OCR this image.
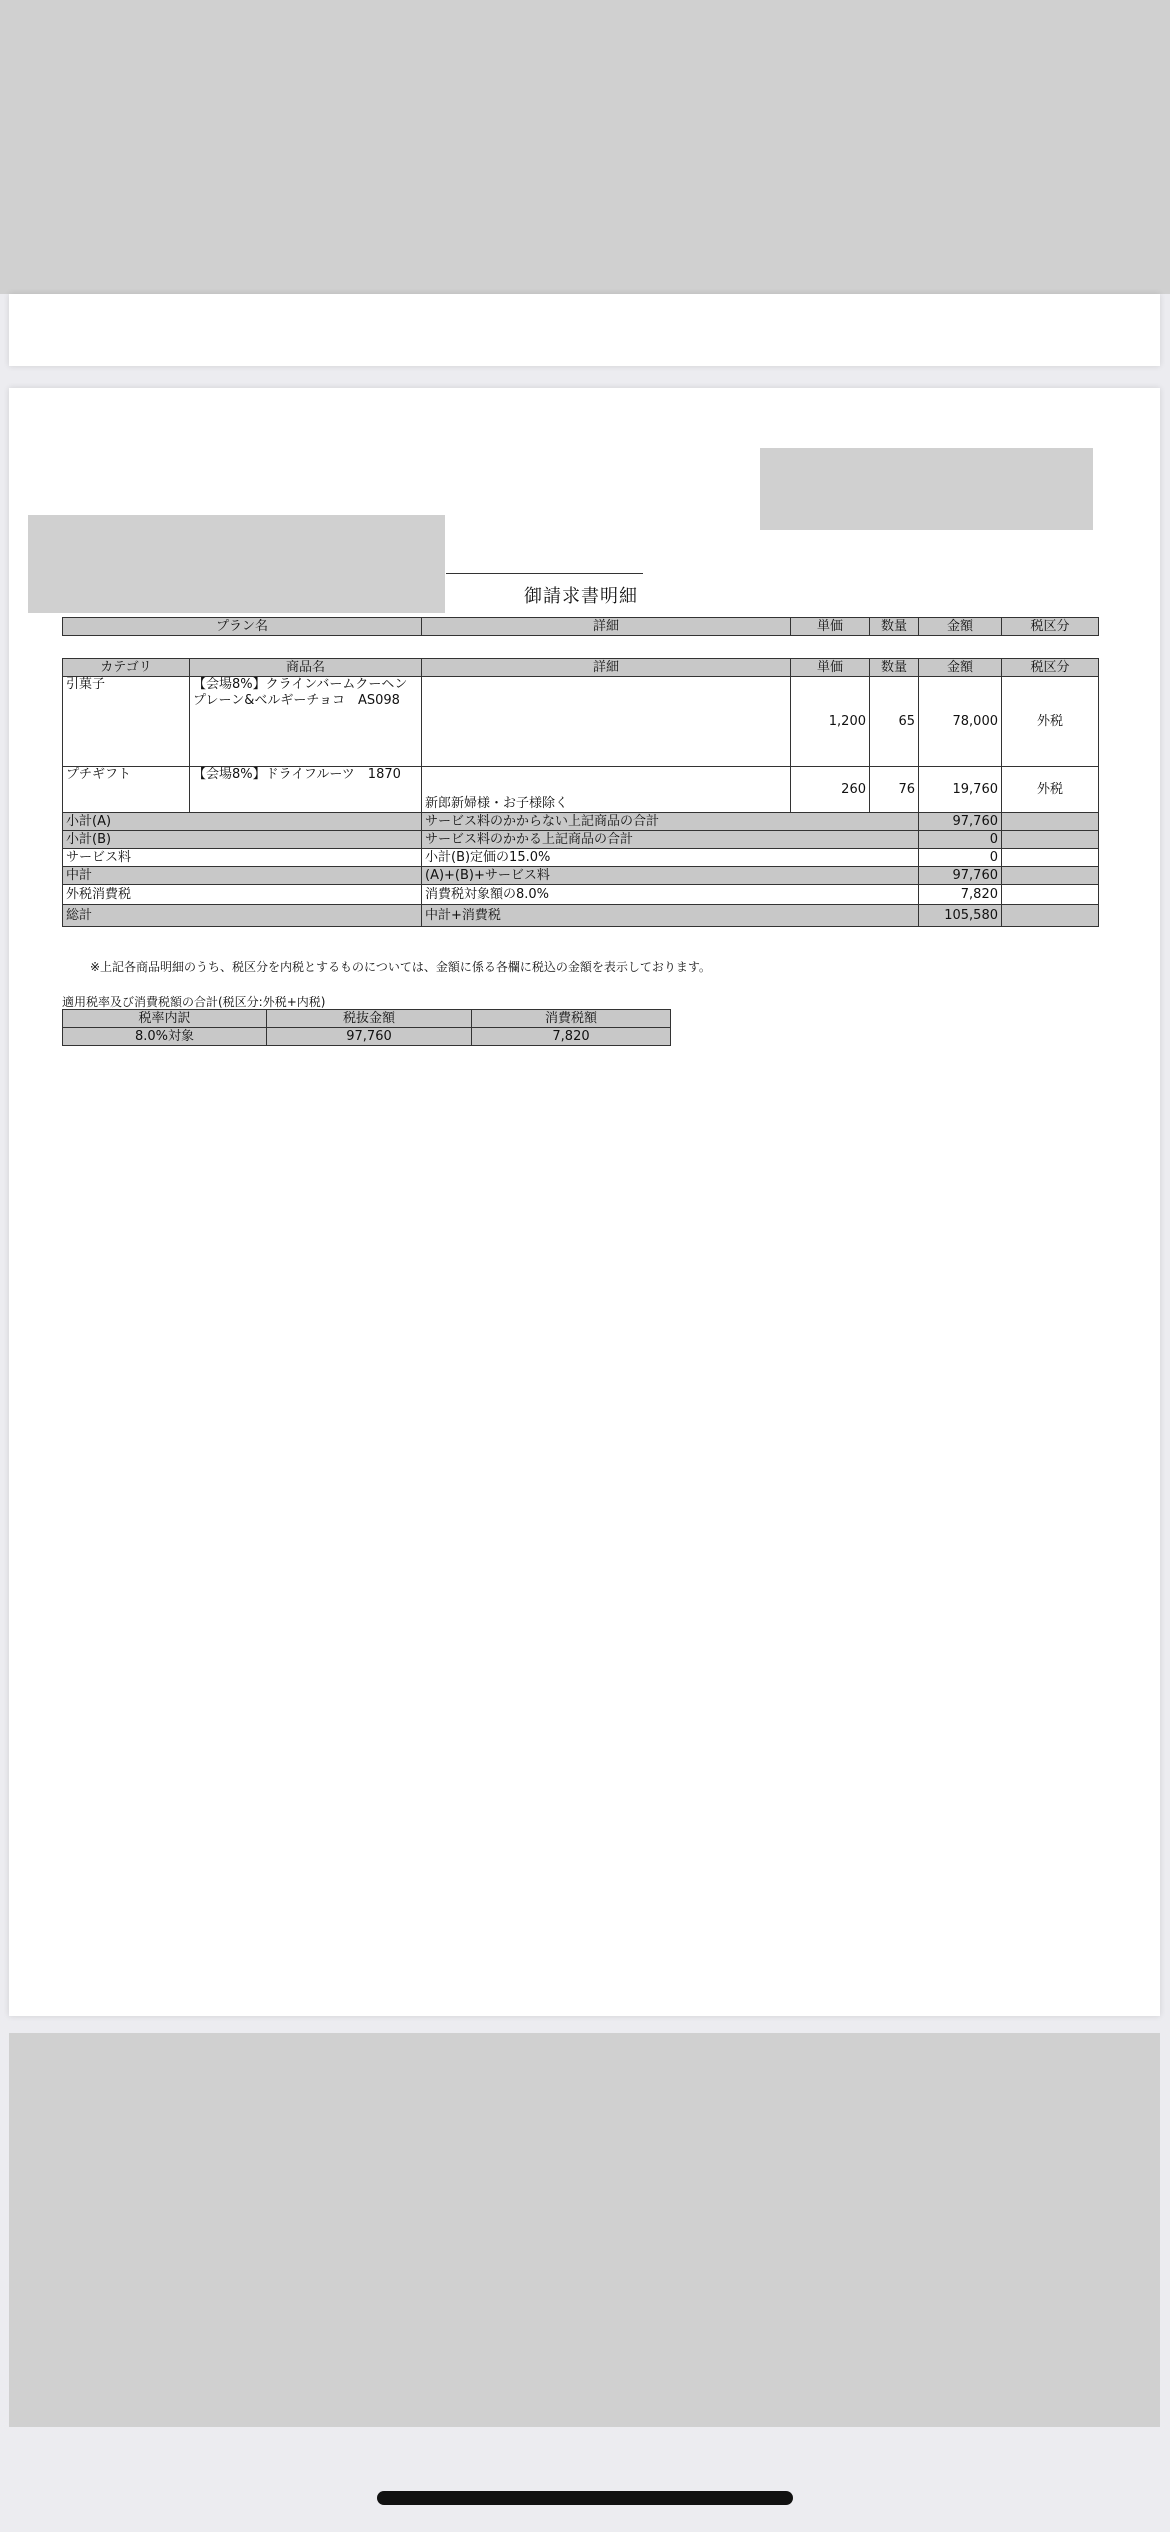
御請求書明細
プラン名	詳細	単価	数量	金額	税区分
カテゴリ	商品名	詳細	単価	数量	金額	税区分
引菓子	【会場8%】クラインバームクーヘン　プレーン&ベルギーチョコ　AS098		1,200	65	78,000	外税
プチギフト	【会場8%】ドライフルーツ　1870	新郎新婦様・お子様除く	260	76	19,760	外税
小計(A)		サービス料のかからない上記商品の合計			97,760	
小計(B)		サービス料のかかる上記商品の合計			0	
サービス料		小計(B)定価の15.0%			0	
中計		(A)+(B)+サービス料			97,760	
外税消費税		消費税対象額の8.0%			7,820	
総計		中計+消費税			105,580	
※上記各商品明細のうち、税区分を内税とするものについては、金額に係る各欄に税込の金額を表示しております。
適用税率及び消費税額の合計(税区分:外税+内税)
税率内訳	税抜金額	消費税額
8.0%対象	97,760	7,820
